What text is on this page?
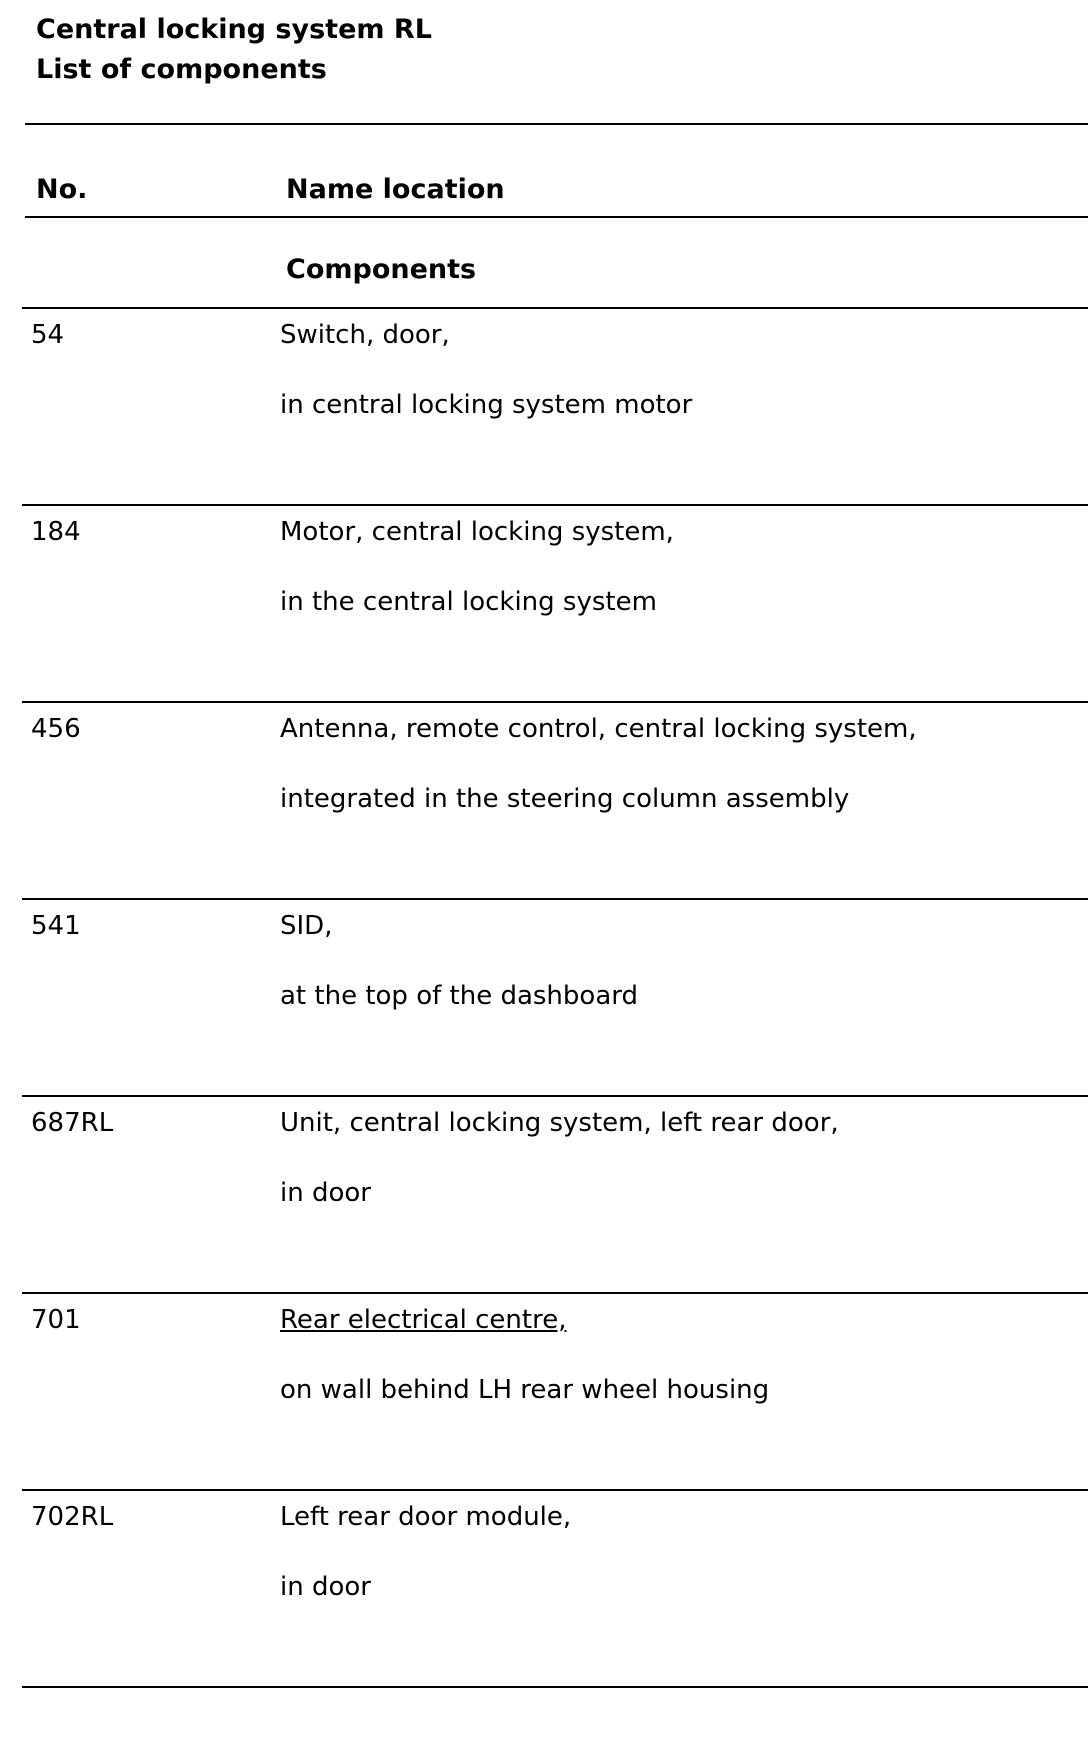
Central locking system RL
List of components
No.	Name location
Components
54	Switch, door,
in central locking system motor
184	Motor, central locking system,
in the central locking system
456	Antenna, remote control, central locking system,
integrated in the steering column assembly
541	SID,
at the top of the dashboard
687RL	Unit, central locking system, left rear door,
in door
701	Rear electrical centre,
on wall behind LH rear wheel housing
702RL	Left rear door module,
in door
